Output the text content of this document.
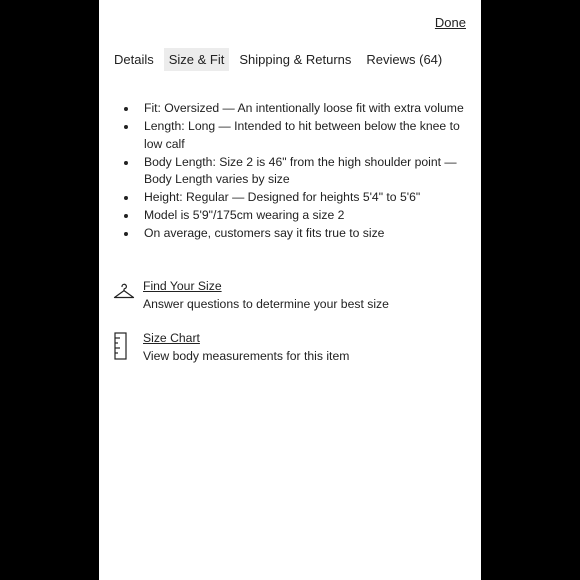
Done
Details	Size & Fit	Shipping & Returns	Reviews (64)
Fit: Oversized — An intentionally loose fit with extra volume
Length: Long — Intended to hit between below the knee to low calf
Body Length: Size 2 is 46" from the high shoulder point — Body Length varies by size
Height: Regular — Designed for heights 5'4" to 5'6"
Model is 5'9"/175cm wearing a size 2
On average, customers say it fits true to size
Find Your Size
Answer questions to determine your best size
Size Chart
View body measurements for this item
